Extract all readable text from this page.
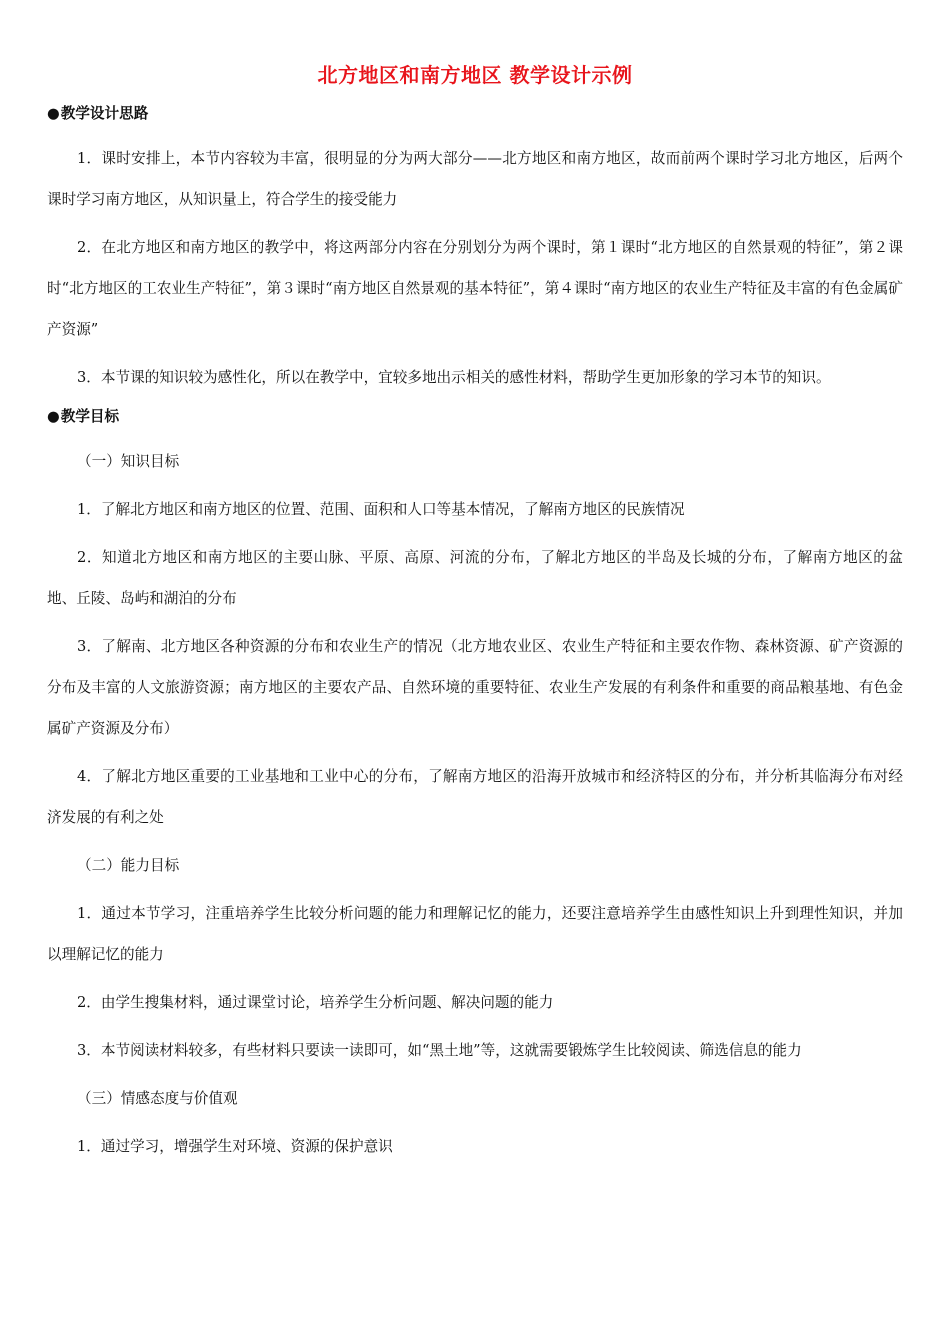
北方地区和南方地区 教学设计示例
●教学设计思路

1．课时安排上，本节内容较为丰富，很明显的分为两大部分——北方地区和南方地区，故而前两个课时学习北方地区，后两个课时学习南方地区，从知识量上，符合学生的接受能力

2．在北方地区和南方地区的教学中，将这两部分内容在分别划分为两个课时，第１课时“北方地区的自然景观的特征”，第２课时“北方地区的工农业生产特征”，第３课时“南方地区自然景观的基本特征”，第４课时“南方地区的农业生产特征及丰富的有色金属矿产资源”

3．本节课的知识较为感性化，所以在教学中，宜较多地出示相关的感性材料，帮助学生更加形象的学习本节的知识。

●教学目标

（一）知识目标

1．了解北方地区和南方地区的位置、范围、面积和人口等基本情况，了解南方地区的民族情况

2．知道北方地区和南方地区的主要山脉、平原、高原、河流的分布，了解北方地区的半岛及长城的分布，了解南方地区的盆地、丘陵、岛屿和湖泊的分布

3．了解南、北方地区各种资源的分布和农业生产的情况（北方地农业区、农业生产特征和主要农作物、森林资源、矿产资源的分布及丰富的人文旅游资源；南方地区的主要农产品、自然环境的重要特征、农业生产发展的有利条件和重要的商品粮基地、有色金属矿产资源及分布）

4．了解北方地区重要的工业基地和工业中心的分布，了解南方地区的沿海开放城市和经济特区的分布，并分析其临海分布对经济发展的有利之处

（二）能力目标

1．通过本节学习，注重培养学生比较分析问题的能力和理解记忆的能力，还要注意培养学生由感性知识上升到理性知识，并加以理解记忆的能力

2．由学生搜集材料，通过课堂讨论，培养学生分析问题、解决问题的能力

3．本节阅读材料较多，有些材料只要读一读即可，如“黑土地”等，这就需要锻炼学生比较阅读、筛选信息的能力

（三）情感态度与价值观

1．通过学习，增强学生对环境、资源的保护意识
